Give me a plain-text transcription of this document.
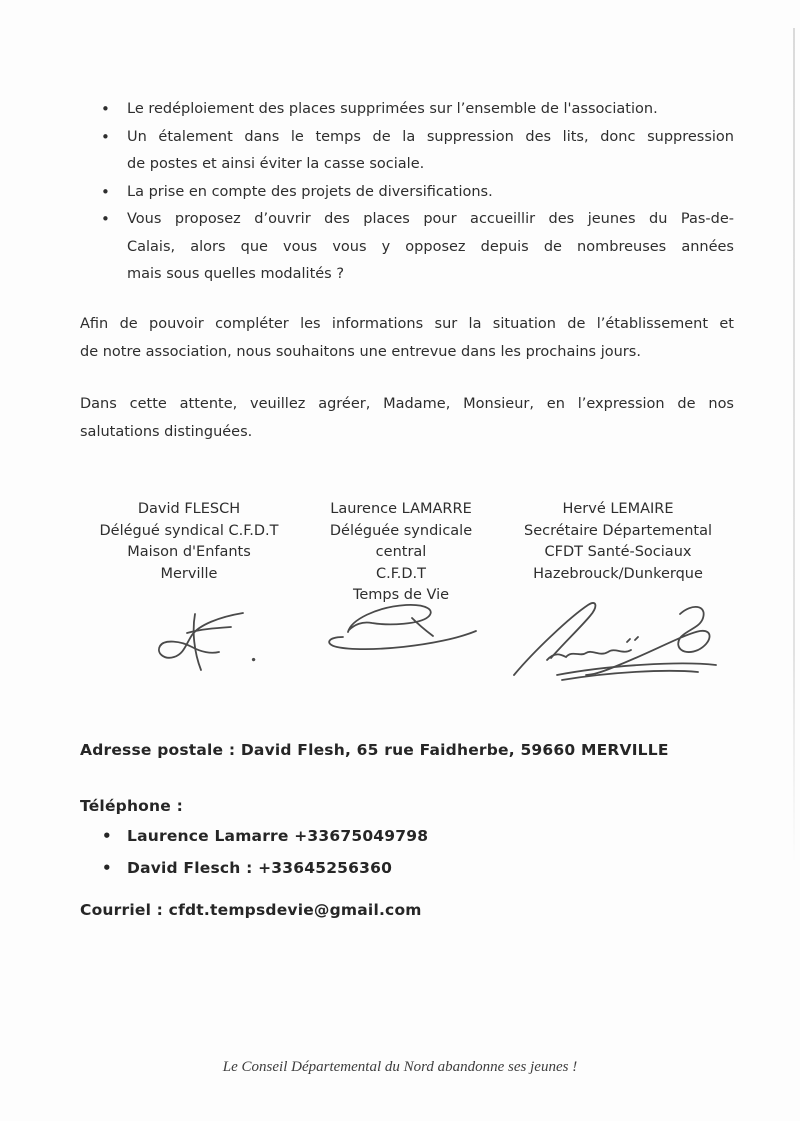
• Le redéploiement des places supprimées sur l’ensemble de l'association.
• Un étalement dans le temps de la suppression des lits, donc suppression
de postes et ainsi éviter la casse sociale.
• La prise en compte des projets de diversifications.
• Vous proposez d’ouvrir des places pour accueillir des jeunes du Pas-de-
Calais, alors que vous vous y opposez depuis de nombreuses années
mais sous quelles modalités ?
Afin de pouvoir compléter les informations sur la situation de l’établissement et
de notre association, nous souhaitons une entrevue dans les prochains jours.
Dans cette attente, veuillez agréer, Madame, Monsieur, en l’expression de nos
salutations distinguées.
David FLESCH
Délégué syndical C.F.D.T
Maison d'Enfants
Merville
Laurence LAMARRE
Déléguée syndicale
central
C.F.D.T
Temps de Vie
Hervé LEMAIRE
Secrétaire Départemental
CFDT Santé-Sociaux
Hazebrouck/Dunkerque
Adresse postale : David Flesh, 65 rue Faidherbe, 59660 MERVILLE
Téléphone :
• Laurence Lamarre +33675049798
• David Flesch : +33645256360
Courriel : cfdt.tempsdevie@gmail.com
Le Conseil Départemental du Nord abandonne ses jeunes !
